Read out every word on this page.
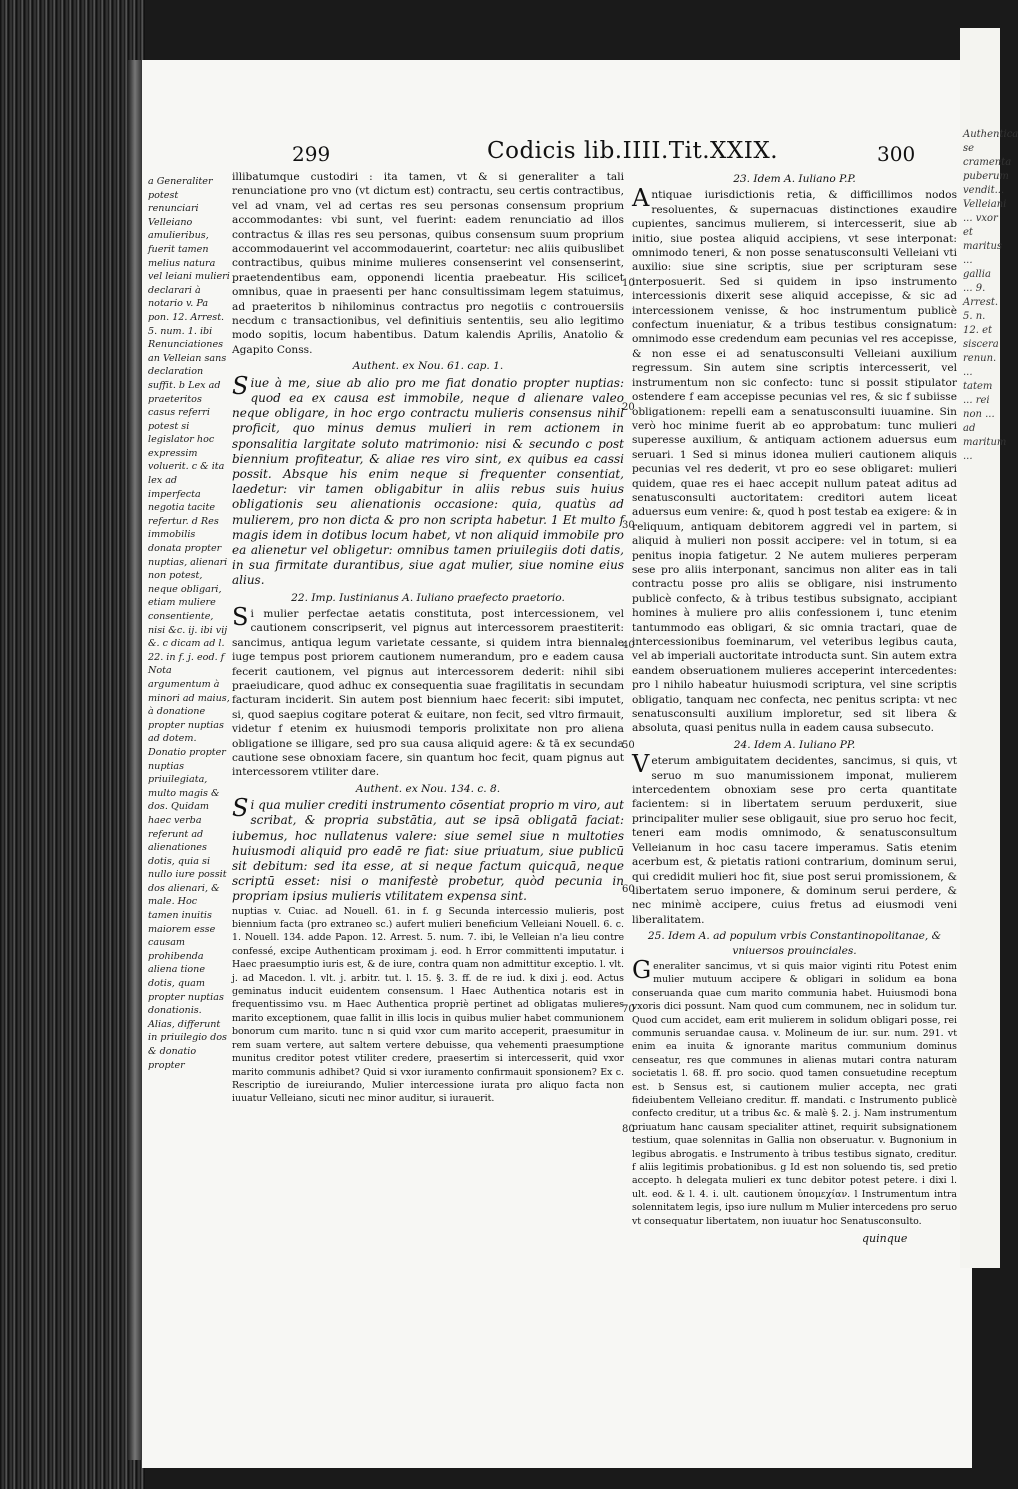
Authentica se cramenta puberum vendit... Velleiani ... vxor et maritus ... gallia ... 9. Arrest. 5. n. 12. et siscera renun. ... tatem ... rei non ... ad maritum ...
299	Codicis lib.IIII.Tit.XXIX.	300
a Generaliter potest renunciari Velleiano amulieribus, fuerit tamen melius natura vel leiani mulieri declarari à notario v. Pa pon. 12. Arrest. 5. num. 1. ibi Renunciationes an Velleian sans declaration suffit. b Lex ad praeteritos casus referri potest si legislator hoc expressim voluerit. c & ita lex ad imperfecta negotia tacite refertur. d Res immobilis donata propter nuptias, alienari non potest, neque obligari, etiam muliere consentiente, nisi &c. ij. ibi vij &. c dicam ad l. 22. in f. j. eod. f Nota argumentum à minori ad maius, à donatione propter nuptias ad dotem. Donatio propter nuptias priuilegiata, multo magis & dos. Quidam haec verba referunt ad alienationes dotis, quia si nullo iure possit dos alienari, & male. Hoc tamen inuitis maiorem esse causam prohibenda aliena tione dotis, quam propter nuptias donationis. Alias, differunt in priuilegio dos & donatio propter

illibatumque custodiri : ita tamen, vt & si generaliter a tali renunciatione pro vno (vt dictum est) contractu, seu certis contractibus, vel ad vnam, vel ad certas res seu personas consensum proprium accommodantes: vbi sunt, vel fuerint: eadem renunciatio ad illos contractus & illas res seu personas, quibus consensum suum proprium accommodauerint vel accommodauerint, coartetur: nec aliis quibuslibet contractibus, quibus minime mulieres consenserint vel consenserint, praetendentibus eam, opponendi licentia praebeatur. His scilicet omnibus, quae in praesenti per hanc consultissimam legem statuimus, ad praeteritos b nihilominus contractus pro negotiis c controuersiis necdum c transactionibus, vel definitiuis sententiis, seu alio legitimo modo sopitis, locum habentibus. Datum kalendis Aprilis, Anatolio & Agapito Conss.

Authent. ex Nou. 61. cap. 1.

Siue à me, siue ab alio pro me fiat donatio propter nuptias: quod ea ex causa est immobile, neque d alienare valeo neque obligare, in hoc ergo contractu mulieris consensus nihil proficit, quo minus demus mulieri in rem actionem in sponsalitia largitate soluto matrimonio: nisi & secundo c post biennium profiteatur, & aliae res viro sint, ex quibus ea cassi possit. Absque his enim neque si frequenter consentiat, laedetur: vir tamen obligabitur in aliis rebus suis huius obligationis seu alienationis occasione: quia, quatùs ad mulierem, pro non dicta & pro non scripta habetur. 1 Et multo f magis idem in dotibus locum habet, vt non aliquid immobile pro ea alienetur vel obligetur: omnibus tamen priuilegiis doti datis, in sua firmitate durantibus, siue agat mulier, siue nomine eius alius.

22. Imp. Iustinianus A. Iuliano praefecto praetorio.

Si mulier perfectae aetatis constituta, post intercessionem, vel cautionem conscripserit, vel pignus aut intercessorem praestiterit: sancimus, antiqua legum varietate cessante, si quidem intra biennale iuge tempus post priorem cautionem numerandum, pro e eadem causa fecerit cautionem, vel pignus aut intercessorem dederit: nihil sibi praeiudicare, quod adhuc ex consequentia suae fragilitatis in secundam facturam inciderit. Sin autem post biennium haec fecerit: sibi imputet, si, quod saepius cogitare poterat & euitare, non fecit, sed vltro firmauit, videtur f etenim ex huiusmodi temporis prolixitate non pro aliena obligatione se illigare, sed pro sua causa aliquid agere: & tā ex secunda cautione sese obnoxiam facere, sin quantum hoc fecit, quam pignus aut intercessorem vtiliter dare.

Authent. ex Nou. 134. c. 8.

Si qua mulier crediti instrumento cōsentiat proprio m viro, aut scribat, & propria substātia, aut se ipsā obligatā faciat: iubemus, hoc nullatenus valere: siue semel siue n multoties huiusmodi aliquid pro eadē re fiat: siue priuatum, siue publicū sit debitum: sed ita esse, at si neque factum quicquā, neque scriptū esset: nisi o manifestè probetur, quòd pecunia in propriam ipsius mulieris vtilitatem expensa sint.

nuptias v. Cuiac. ad Nouell. 61. in f. g Secunda intercessio mulieris, post biennium facta (pro extraneo sc.) aufert mulieri beneficium Velleiani Nouell. 6. c. 1. Nouell. 134. adde Papon. 12. Arrest. 5. num. 7. ibi, le Velleian n'a lieu contre confessé, excipe Authenticam proximam j. eod. h Error committenti imputatur. i Haec praesumptio iuris est, & de iure, contra quam non admittitur exceptio. l. vlt. j. ad Macedon. l. vlt. j. arbitr. tut. l. 15. §. 3. ff. de re iud. k dixi j. eod. Actus geminatus inducit euidentem consensum. l Haec Authentica notaris est in frequentissimo vsu. m Haec Authentica propriè pertinet ad obligatas mulieres marito exceptionem, quae fallit in illis locis in quibus mulier habet communionem bonorum cum marito. tunc n si quid vxor cum marito acceperit, praesumitur in rem suam vertere, aut saltem vertere debuisse, qua vehementi praesumptione munitus creditor potest vtiliter credere, praesertim si intercesserit, quid vxor marito communis adhibet? Quid si vxor iuramento confirmauit sponsionem? Ex c. Rescriptio de iureiurando, Mulier intercessione iurata pro aliquo facta non iuuatur Velleiano, sicuti nec minor auditur, si iurauerit.

23. Idem A. Iuliano P.P.

Antiquae iurisdictionis retia, & difficillimos nodos resoluentes, & supernacuas distinctiones exaudire cupientes, sancimus mulierem, si intercesserit, siue ab initio, siue postea aliquid accipiens, vt sese interponat: omnimodo teneri, & non posse senatusconsulti Velleiani vti auxilio: siue sine scriptis, siue per scripturam sese interposuerit. Sed si quidem in ipso instrumento intercessionis dixerit sese aliquid accepisse, & sic ad intercessionem venisse, & hoc instrumentum publicè confectum inueniatur, & a tribus testibus consignatum: omnimodo esse credendum eam pecunias vel res accepisse, & non esse ei ad senatusconsulti Velleiani auxilium regressum. Sin autem sine scriptis intercesserit, vel instrumentum non sic confecto: tunc si possit stipulator ostendere f eam accepisse pecunias vel res, & sic f subiisse obligationem: repelli eam a senatusconsulti iuuamine. Sin verò hoc minime fuerit ab eo approbatum: tunc mulieri superesse auxilium, & antiquam actionem aduersus eum seruari. 1 Sed si minus idonea mulieri cautionem aliquis pecunias vel res dederit, vt pro eo sese obligaret: mulieri quidem, quae res ei haec accepit nullum pateat aditus ad senatusconsulti auctoritatem: creditori autem liceat aduersus eum venire: &, quod h post testab ea exigere: & in reliquum, antiquam debitorem aggredi vel in partem, si aliquid à mulieri non possit accipere: vel in totum, si ea penitus inopia fatigetur. 2 Ne autem mulieres perperam sese pro aliis interponant, sancimus non aliter eas in tali contractu posse pro aliis se obligare, nisi instrumento publicè confecto, & à tribus testibus subsignato, accipiant homines à muliere pro aliis confessionem i, tunc etenim tantummodo eas obligari, & sic omnia tractari, quae de intercessionibus foeminarum, vel veteribus legibus cauta, vel ab imperiali auctoritate introducta sunt. Sin autem extra eandem obseruationem mulieres acceperint intercedentes: pro l nihilo habeatur huiusmodi scriptura, vel sine scriptis obligatio, tanquam nec confecta, nec penitus scripta: vt nec senatusconsulti auxilium imploretur, sed sit libera & absoluta, quasi penitus nulla in eadem causa subsecuto.

24. Idem A. Iuliano PP.

Veterum ambiguitatem decidentes, sancimus, si quis, vt seruo m suo manumissionem imponat, mulierem intercedentem obnoxiam sese pro certa quantitate facientem: si in libertatem seruum perduxerit, siue principaliter mulier sese obligauit, siue pro seruo hoc fecit, teneri eam modis omnimodo, & senatusconsultum Velleianum in hoc casu tacere imperamus. Satis etenim acerbum est, & pietatis rationi contrarium, dominum serui, qui credidit mulieri hoc fit, siue post serui promissionem, & libertatem seruo imponere, & dominum serui perdere, & nec minimè accipere, cuius fretus ad eiusmodi veni liberalitatem.

25. Idem A. ad populum vrbis Constantinopolitanae, & vniuersos prouinciales.

Generaliter sancimus, vt si quis maior viginti ritu Potest enim mulier mutuum accipere & obligari in solidum ea bona conseruanda quae cum marito communia habet. Huiusmodi bona vxoris dici possunt. Nam quod cum communem, nec in solidum tur. Quod cum accidet, eam erit mulierem in solidum obligari posse, rei communis seruandae causa. v. Molineum de iur. sur. num. 291. vt enim ea inuita & ignorante maritus communium dominus censeatur, res que communes in alienas mutari contra naturam societatis l. 68. ff. pro socio. quod tamen consuetudine receptum est. b Sensus est, si cautionem mulier accepta, nec grati fideiubentem Velleiano creditur. ff. mandati. c Instrumento publicè confecto creditur, ut a tribus &c. & malè §. 2. j. Nam instrumentum priuatum hanc causam specialiter attinet, requirit subsignationem testium, quae solennitas in Gallia non obseruatur. v. Bugnonium in legibus abrogatis. e Instrumento à tribus testibus signato, creditur. f aliis legitimis probationibus. g Id est non soluendo tis, sed pretio accepto. h delegata mulieri ex tunc debitor potest petere. i dixi l. ult. eod. & l. 4. i. ult. cautionem ὑπομεχίαν. l Instrumentum intra solennitatem legis, ipso iure nullum m Mulier intercedens pro seruo vt consequatur libertatem, non iuuatur hoc Senatusconsulto.

10
20
30
40
50
60
70
80
quinque
